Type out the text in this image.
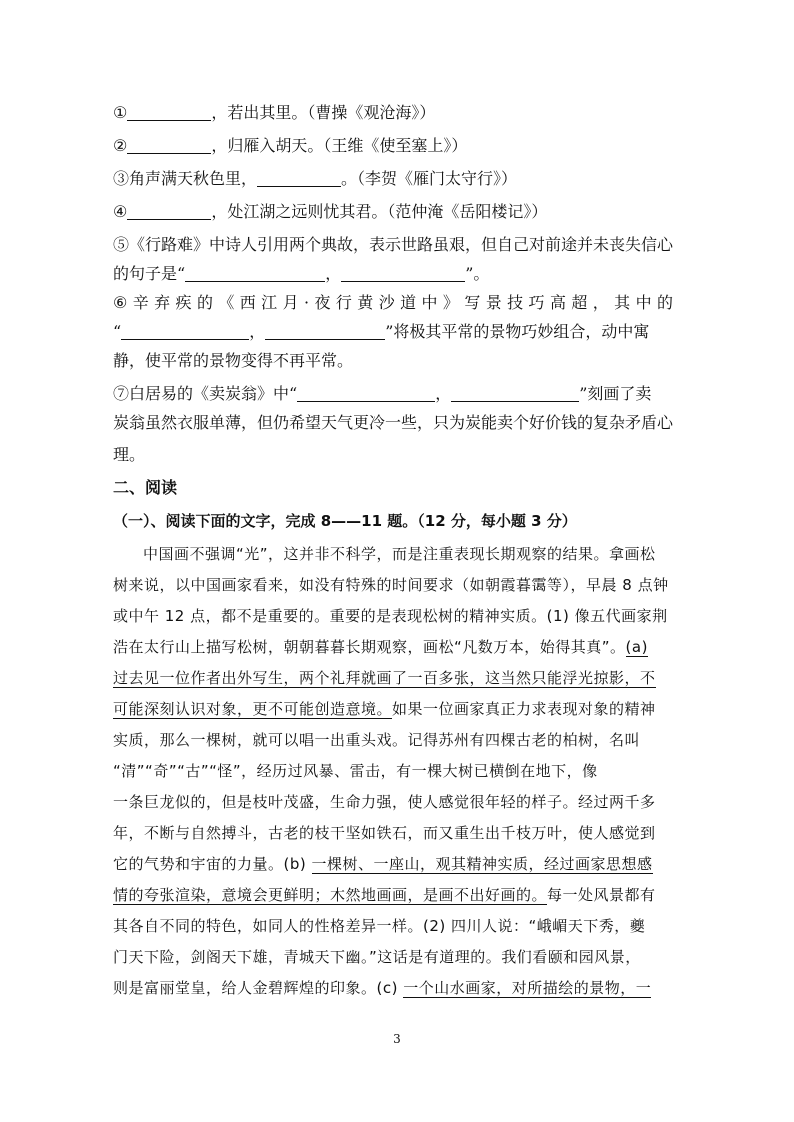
①	，若出其里。（曹操《观沧海》）
②	，归雁入胡天。（王维《使至塞上》）
③角声满天秋色里，	。（李贺《雁门太守行》）
④	，处江湖之远则忧其君。（范仲淹《岳阳楼记》）
⑤《行路难》中诗人引用两个典故，表示世路虽艰，但自己对前途并未丧失信心
的句子是“	，	”。
⑥ 辛 弃 疾 的 《 西 江 月 · 夜 行 黄 沙 道 中 》 写 景 技 巧 高 超 ， 其 中 的
“	，	”将极其平常的景物巧妙组合，动中寓
静，使平常的景物变得不再平常。
⑦白居易的《卖炭翁》中“	，	”刻画了卖
炭翁虽然衣服单薄，但仍希望天气更冷一些，只为炭能卖个好价钱的复杂矛盾心
理。
二、阅读
（一）、阅读下面的文字，完成 8——11 题。（12 分，每小题 3 分）
中国画不强调“光”，这并非不科学，而是注重表现长期观察的结果。拿画松
树来说，以中国画家看来，如没有特殊的时间要求（如朝霞暮霭等），早晨 8 点钟
或中午 12 点，都不是重要的。重要的是表现松树的精神实质。(1) 像五代画家荆
浩在太行山上描写松树，朝朝暮暮长期观察，画松“凡数万本，始得其真”。(a)
过去见一位作者出外写生，两个礼拜就画了一百多张，这当然只能浮光掠影，不
可能深刻认识对象，更不可能创造意境。如果一位画家真正力求表现对象的精神
实质，那么一棵树，就可以唱一出重头戏。记得苏州有四棵古老的柏树，名叫
“清”“奇”“古”“怪”，经历过风暴、雷击，有一棵大树已横倒在地下，像
一条巨龙似的，但是枝叶茂盛，生命力强，使人感觉很年轻的样子。经过两千多
年，不断与自然搏斗，古老的枝干坚如铁石，而又重生出千枝万叶，使人感觉到
它的气势和宇宙的力量。(b) 一棵树、一座山，观其精神实质，经过画家思想感
情的夸张渲染，意境会更鲜明；木然地画画，是画不出好画的。每一处风景都有
其各自不同的特色，如同人的性格差异一样。(2) 四川人说：“峨嵋天下秀，夔
门天下险，剑阁天下雄，青城天下幽。”这话是有道理的。我们看颐和园风景，
则是富丽堂皇，给人金碧辉煌的印象。(c) 一个山水画家，对所描绘的景物，一
3
